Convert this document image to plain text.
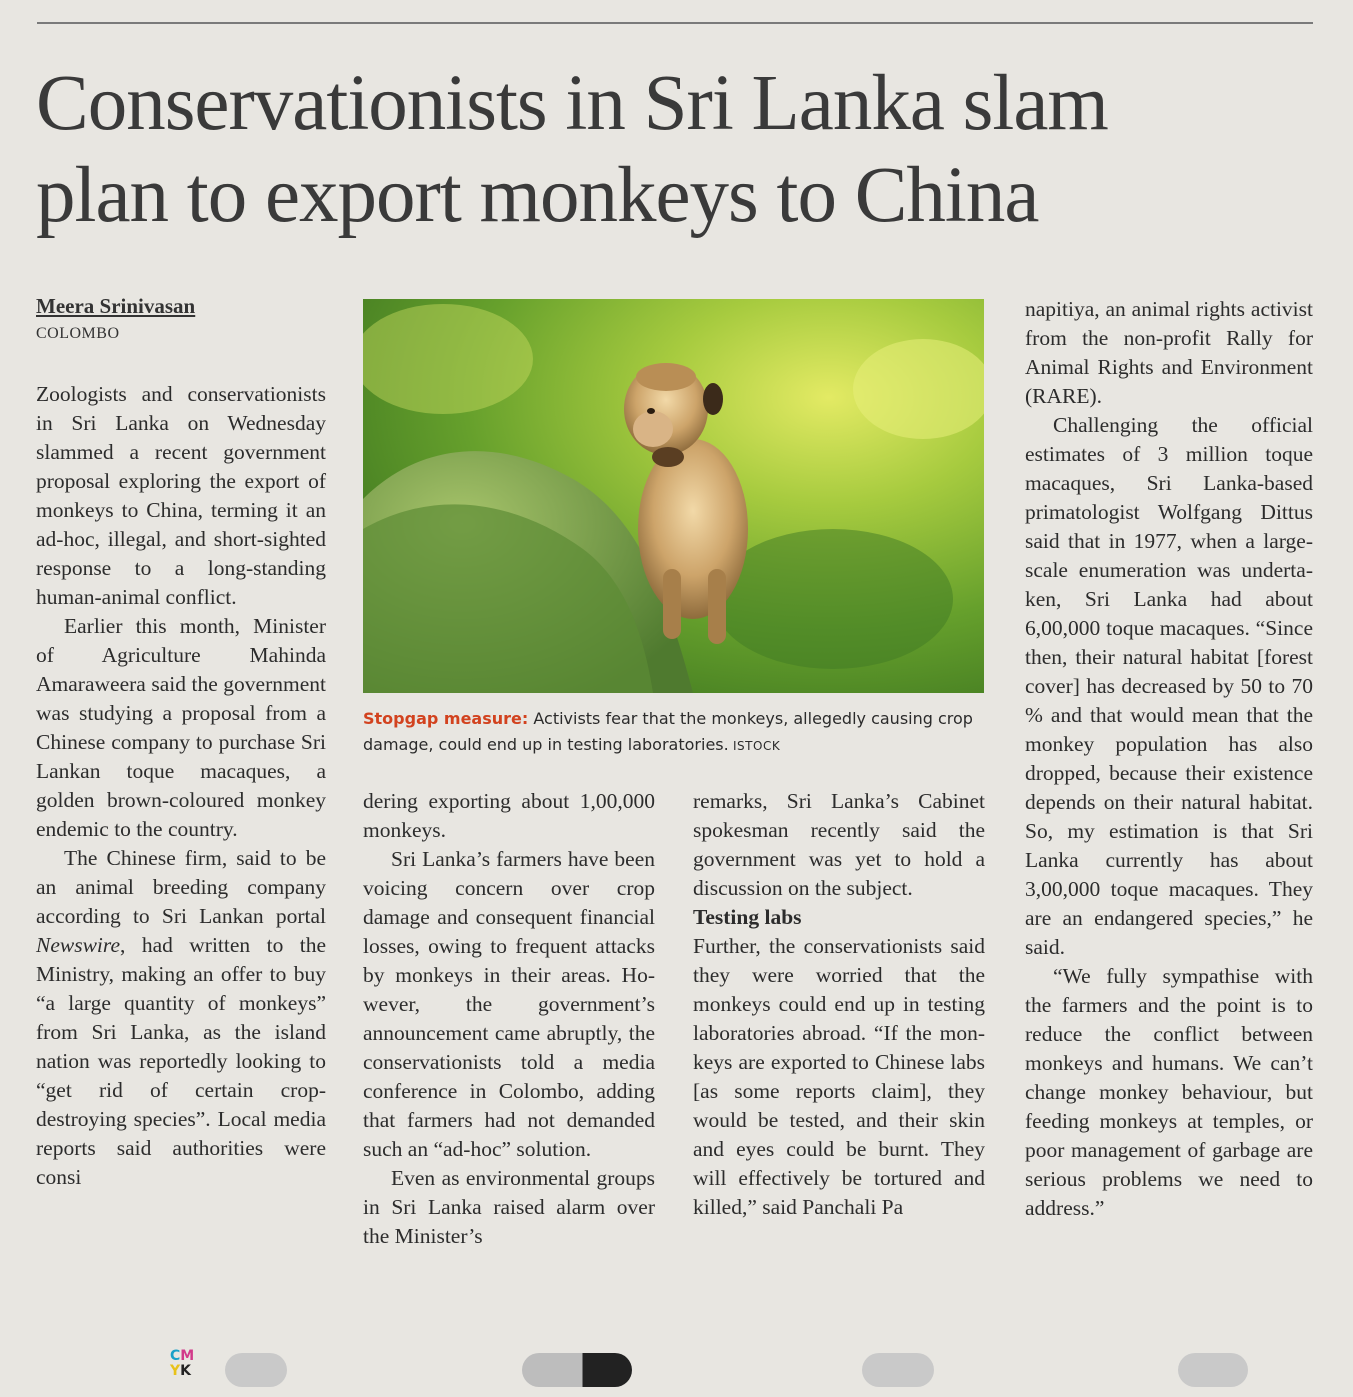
Conservationists in Sri Lanka slam
plan to export monkeys to China
Meera Srinivasan
COLOMBO

Zoologists and conservationists in Sri Lanka on Wednesday slammed a recent government proposal exploring the export of monkeys to China, terming it an ad-hoc, illegal, and short-sighted response to a long-standing human-animal conflict.

Earlier this month, Minister of Agriculture Mahinda Amaraweera said the government was studying a proposal from a Chinese company to purchase Sri Lankan toque macaques, a golden brown-coloured monkey endemic to the country.

The Chinese firm, said to be an animal breeding company according to Sri Lankan portal Newswire, had written to the Ministry, making an offer to buy “a large quantity of monkeys” from Sri Lanka, as the island nation was reportedly looking to “get rid of certain crop-destroying species”. Local media reports said authorities were consi

Stopgap measure: Activists fear that the monkeys, allegedly causing crop damage, could end up in testing laboratories. ISTOCK

dering exporting about 1,00,000 monkeys.

Sri Lanka’s farmers have been voicing concern over crop damage and consequent financial losses, owing to frequent attacks by monkeys in their areas. However, the government’s announcement came abruptly, the conservationists told a media conference in Colombo, adding that farmers had not demanded such an “ad-hoc” solution.

Even as environmental groups in Sri Lanka raised alarm over the Minister’s

remarks, Sri Lanka’s Cabinet spokesman recently said the government was yet to hold a discussion on the subject.

Testing labs

Further, the conservationists said they were worried that the monkeys could end up in testing laboratories abroad. “If the monkeys are exported to Chinese labs [as some reports claim], they would be tested, and their skin and eyes could be burnt. They will effectively be tortured and killed,” said Panchali Pa

napitiya, an animal rights activist from the non-profit Rally for Animal Rights and Environment (RARE).

Challenging the official estimates of 3 million toque macaques, Sri Lanka-based primatologist Wolfgang Dittus said that in 1977, when a large-scale enumeration was undertaken, Sri Lanka had about 6,00,000 toque macaques. “Since then, their natural habitat [forest cover] has decreased by 50 to 70 % and that would mean that the monkey population has also dropped, because their existence depends on their natural habitat. So, my estimation is that Sri Lanka currently has about 3,00,000 toque macaques. They are an endangered species,” he said.

“We fully sympathise with the farmers and the point is to reduce the conflict between monkeys and humans. We can’t change monkey behaviour, but feeding monkeys at temples, or poor management of garbage are serious problems we need to address.”

CM
YK
